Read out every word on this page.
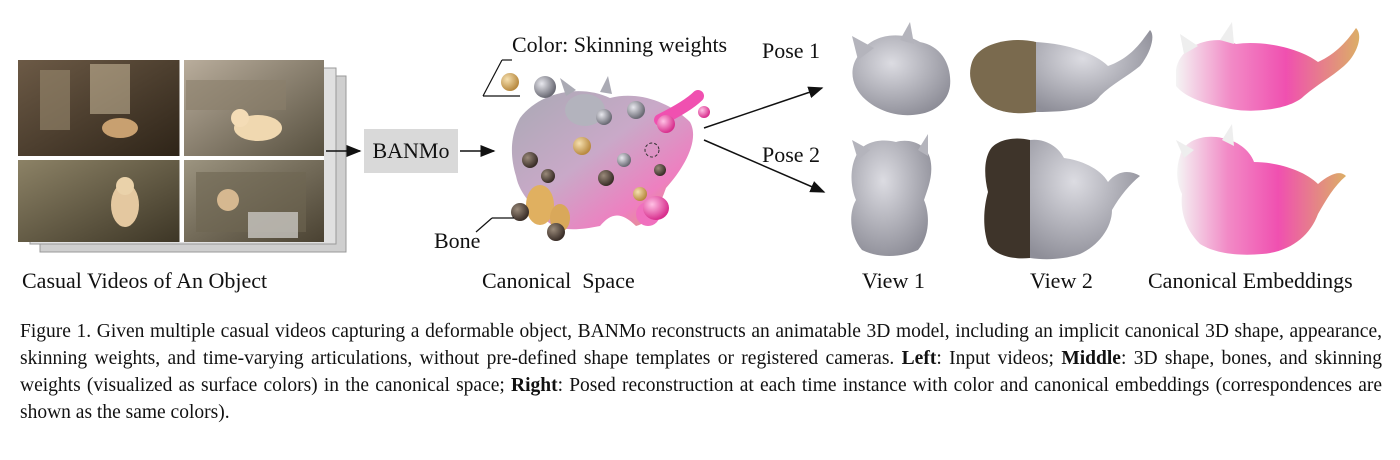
BANMo
Color: Skinning weights
Bone
Pose 1
Pose 2
Casual Videos of An Object	Canonical  Space	View 1	View 2	Canonical Embeddings
Figure 1. Given multiple casual videos capturing a deformable object, BANMo reconstructs an animatable 3D model, including an implicit canonical 3D shape, appearance, skinning weights, and time-varying articulations, without pre-defined shape templates or registered cameras. Left: Input videos; Middle: 3D shape, bones, and skinning weights (visualized as surface colors) in the canonical space; Right: Posed reconstruction at each time instance with color and canonical embeddings (correspondences are shown as the same colors).
